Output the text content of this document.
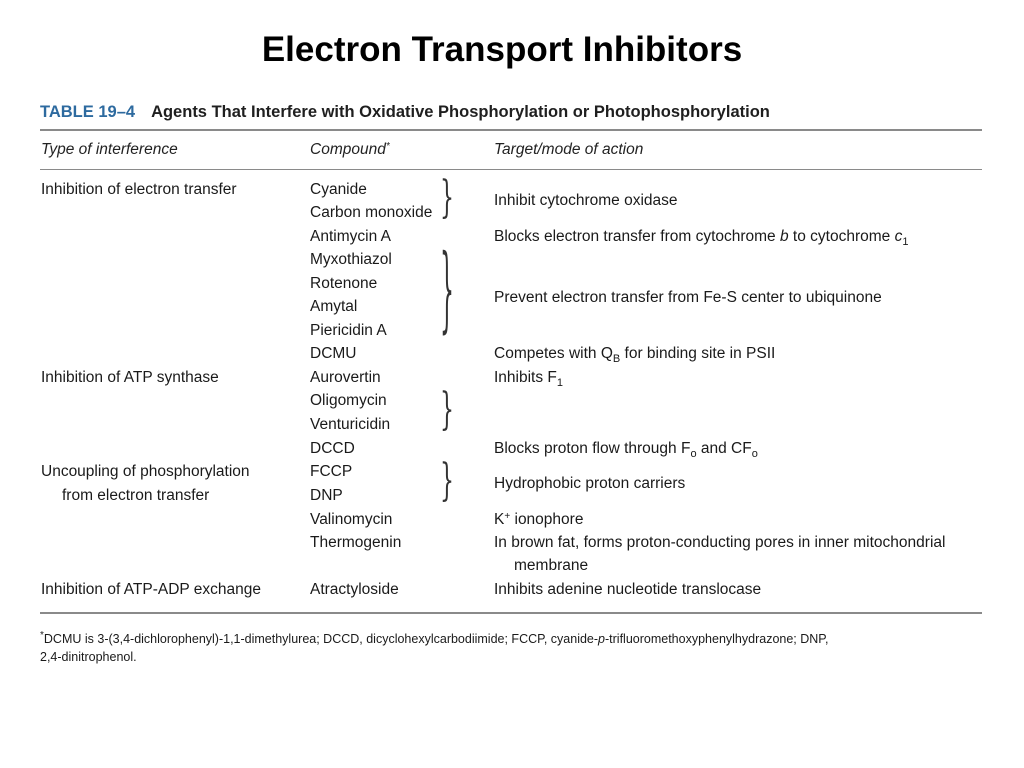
Electron Transport Inhibitors
TABLE 19–4 Agents That Interfere with Oxidative Phosphorylation or Photophosphorylation
Type of interference	Compound*	Target/mode of action
Inhibition of electron transfer
Inhibition of ATP synthase
Uncoupling of phosphorylation
from electron transfer
Inhibition of ATP-ADP exchange
Cyanide
Carbon monoxide
Antimycin A
Myxothiazol
Rotenone
Amytal
Piericidin A
DCMU
Aurovertin
Oligomycin
Venturicidin
DCCD
FCCP
DNP
Valinomycin
Thermogenin
Atractyloside
}
}
}
}
Inhibit cytochrome oxidase
Blocks electron transfer from cytochrome b to cytochrome $c_1$
Prevent electron transfer from Fe-S center to ubiquinone
Competes with $Q_B$ for binding site in PSII
Inhibits $F_1$
Blocks proton flow through $F_o$ and $CF_o$
Hydrophobic proton carriers
K+ ionophore
In brown fat, forms proton-conducting pores in inner mitochondrial
membrane
Inhibits adenine nucleotide translocase
*DCMU is 3-(3,4-dichlorophenyl)-1,1-dimethylurea; DCCD, dicyclohexylcarbodiimide; FCCP, cyanide-p-trifluoromethoxyphenylhydrazone; DNP,
2,4-dinitrophenol.
